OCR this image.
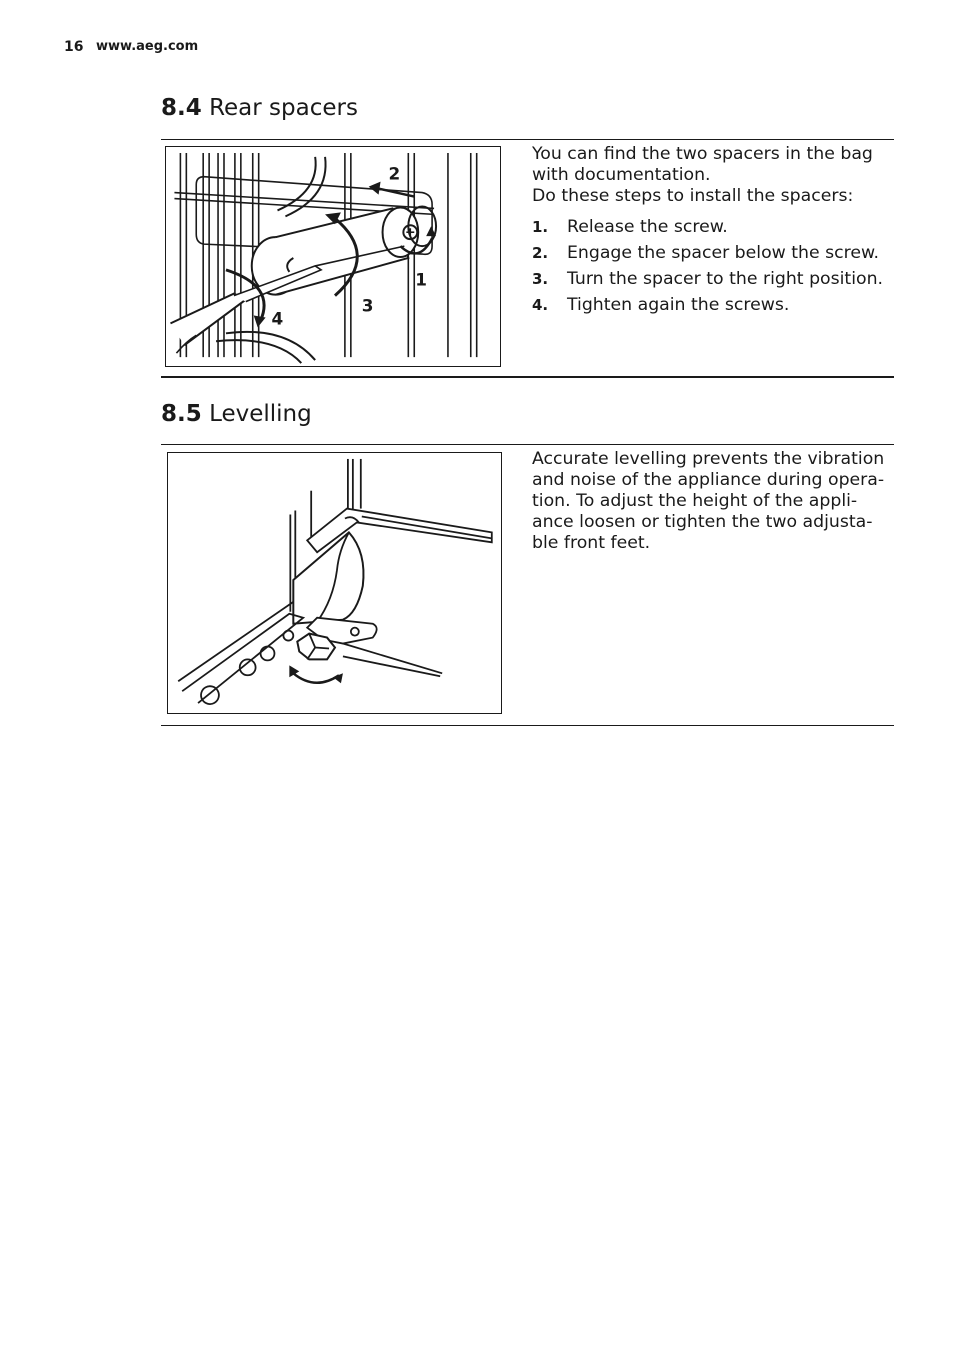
16 www.aeg.com
8.4 Rear spacers
2
1
3
4

You can find the two spacers in the bag

with documentation.

Do these steps to install the spacers:

1.	Release the screw.
2.	Engage the spacer below the screw.
3.	Turn the spacer to the right position.
4.	Tighten again the screws.
8.5 Levelling

Accurate levelling prevents the vibration

and noise of the appliance during opera-

tion. To adjust the height of the appli-

ance loosen or tighten the two adjusta-

ble front feet.
